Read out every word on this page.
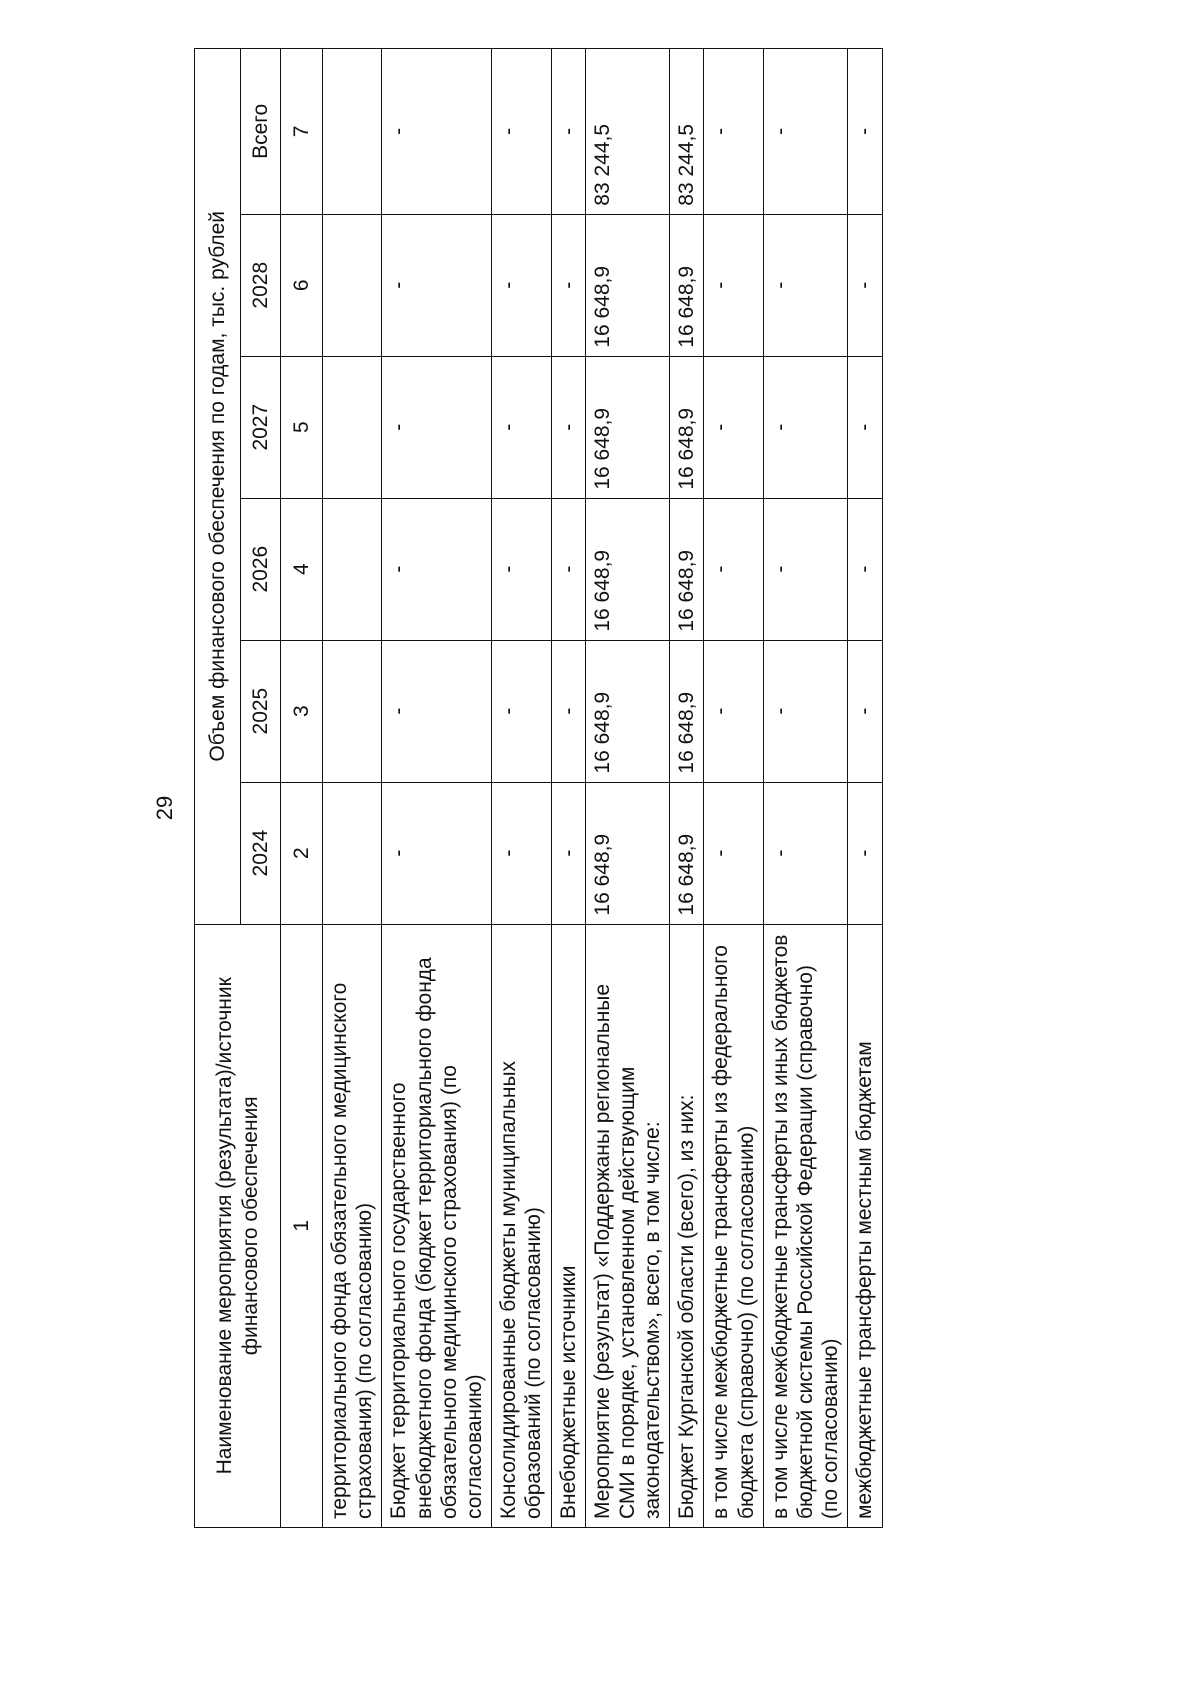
29
Наименование мероприятия (результата)/источник финансового обеспечения	Объем финансового обеспечения по годам, тыс. рублей					
	2024	2025	2026	2027	2028	Всего
1	2	3	4	5	6	7
территориального фонда обязательного медицинского страхования) (по согласованию)						
Бюджет территориального государственного внебюджетного фонда (бюджет территориального фонда обязательного медицинского страхования) (по согласованию)	-	-	-	-	-	-
Консолидированные бюджеты муниципальных образований (по согласованию)	-	-	-	-	-	-
Внебюджетные источники	-	-	-	-	-	-
Мероприятие (результат) «Поддержаны региональные СМИ в порядке, установленном действующим законодательством», всего, в том числе:	16 648,9	16 648,9	16 648,9	16 648,9	16 648,9	83 244,5
Бюджет Курганской области (всего), из них:	16 648,9	16 648,9	16 648,9	16 648,9	16 648,9	83 244,5
в том числе межбюджетные трансферты из федерального бюджета (справочно) (по согласованию)	-	-	-	-	-	-
в том числе межбюджетные трансферты из иных бюджетов бюджетной системы Российской Федерации (справочно) (по согласованию)	-	-	-	-	-	-
межбюджетные трансферты местным бюджетам	-	-	-	-	-	-
